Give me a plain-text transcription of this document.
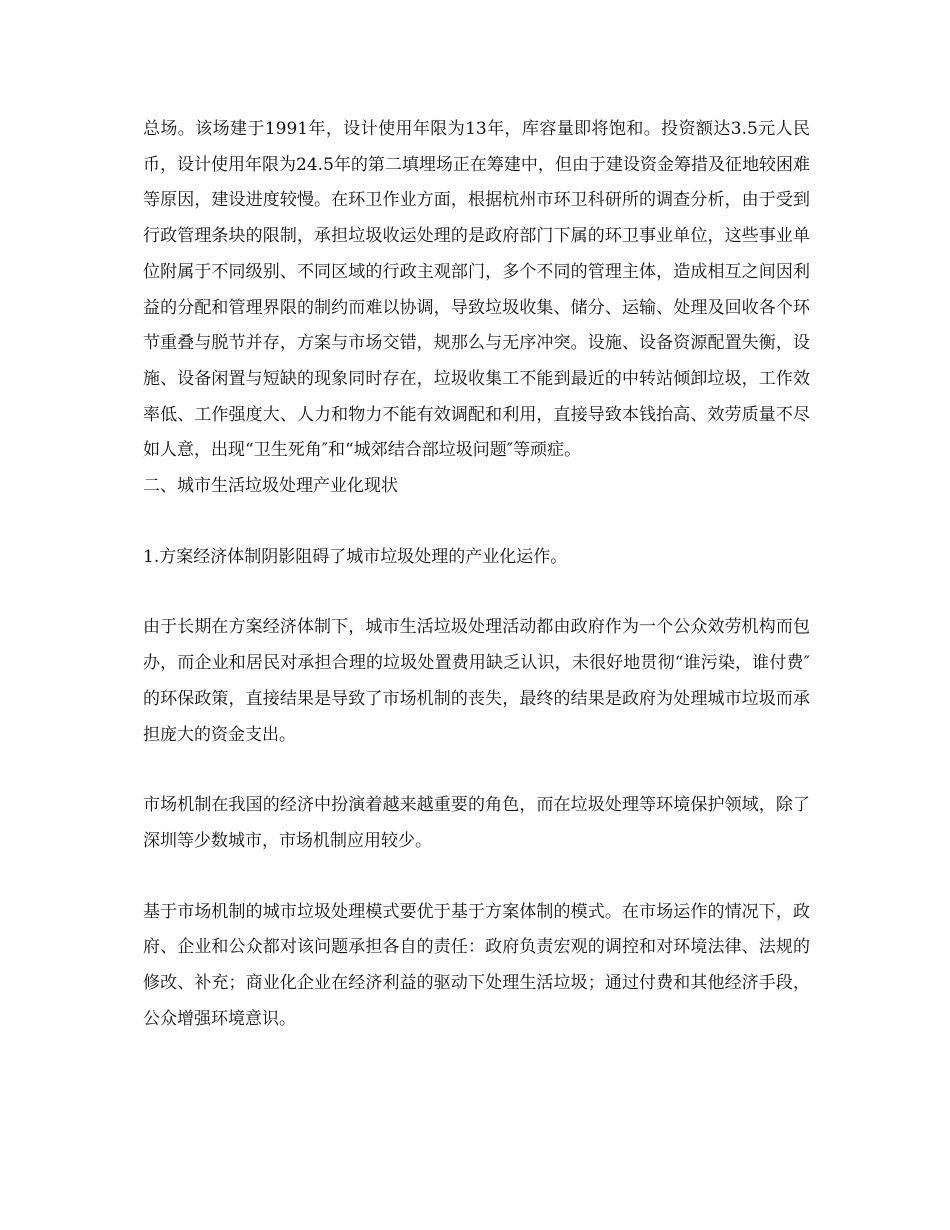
总场。该场建于1991年，设计使用年限为13年，库容量即将饱和。投资额达3.5元人民币，设计使用年限为24.5年的第二填埋场正在筹建中，但由于建设资金筹措及征地较困难等原因，建设进度较慢。在环卫作业方面，根据杭州市环卫科研所的调查分析，由于受到行政管理条块的限制，承担垃圾收运处理的是政府部门下属的环卫事业单位，这些事业单位附属于不同级别、不同区域的行政主观部门，多个不同的管理主体，造成相互之间因利益的分配和管理界限的制约而难以协调，导致垃圾收集、储分、运输、处理及回收各个环节重叠与脱节并存，方案与市场交错，规那么与无序冲突。设施、设备资源配置失衡，设施、设备闲置与短缺的现象同时存在，垃圾收集工不能到最近的中转站倾卸垃圾，工作效率低、工作强度大、人力和物力不能有效调配和利用，直接导致本钱抬高、效劳质量不尽如人意，出现“卫生死角″和“城郊结合部垃圾问题″等顽症。

二、城市生活垃圾处理产业化现状

1.方案经济体制阴影阻碍了城市垃圾处理的产业化运作。

由于长期在方案经济体制下，城市生活垃圾处理活动都由政府作为一个公众效劳机构而包办，而企业和居民对承担合理的垃圾处置费用缺乏认识，未很好地贯彻“谁污染，谁付费″的环保政策，直接结果是导致了市场机制的丧失，最终的结果是政府为处理城市垃圾而承担庞大的资金支出。

市场机制在我国的经济中扮演着越来越重要的角色，而在垃圾处理等环境保护领域，除了深圳等少数城市，市场机制应用较少。

基于市场机制的城市垃圾处理模式要优于基于方案体制的模式。在市场运作的情况下，政府、企业和公众都对该问题承担各自的责任：政府负责宏观的调控和对环境法律、法规的修改、补充；商业化企业在经济利益的驱动下处理生活垃圾；通过付费和其他经济手段，公众增强环境意识。
